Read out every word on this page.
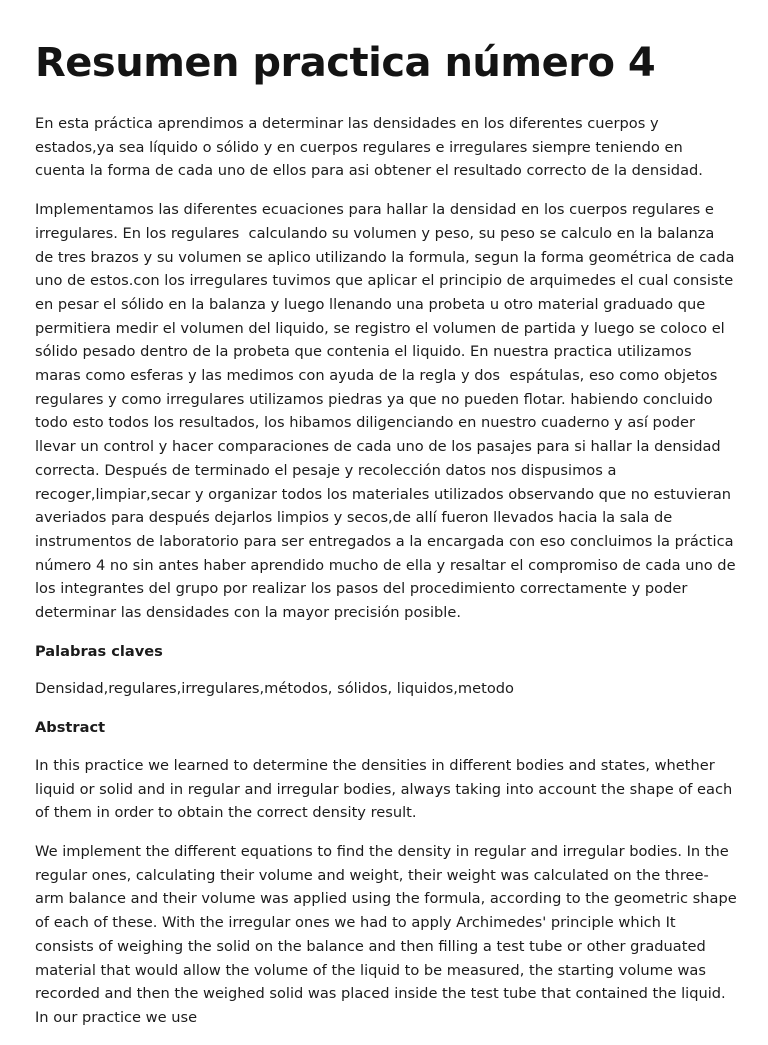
Resumen practica número 4

En esta práctica aprendimos a determinar las densidades en los diferentes cuerpos y estados,ya sea líquido o sólido y en cuerpos regulares e irregulares siempre teniendo en cuenta la forma de cada uno de ellos para asi obtener el resultado correcto de la densidad.

Implementamos las diferentes ecuaciones para hallar la densidad en los cuerpos regulares e irregulares. En los regulares  calculando su volumen y peso, su peso se calculo en la balanza de tres brazos y su volumen se aplico utilizando la formula, segun la forma geométrica de cada uno de estos.con los irregulares tuvimos que aplicar el principio de arquimedes el cual consiste en pesar el sólido en la balanza y luego llenando una probeta u otro material graduado que permitiera medir el volumen del liquido, se registro el volumen de partida y luego se coloco el sólido pesado dentro de la probeta que contenia el liquido. En nuestra practica utilizamos maras como esferas y las medimos con ayuda de la regla y dos  espátulas, eso como objetos regulares y como irregulares utilizamos piedras ya que no pueden flotar. habiendo concluido todo esto todos los resultados, los hibamos diligenciando en nuestro cuaderno y así poder llevar un control y hacer comparaciones de cada uno de los pasajes para si hallar la densidad correcta. Después de terminado el pesaje y recolección datos nos dispusimos a recoger,limpiar,secar y organizar todos los materiales utilizados observando que no estuvieran averiados para después dejarlos limpios y secos,de allí fueron llevados hacia la sala de instrumentos de laboratorio para ser entregados a la encargada con eso concluimos la práctica número 4 no sin antes haber aprendido mucho de ella y resaltar el compromiso de cada uno de los integrantes del grupo por realizar los pasos del procedimiento correctamente y poder determinar las densidades con la mayor precisión posible.

Palabras claves

Densidad,regulares,irregulares,métodos, sólidos, liquidos,metodo

Abstract

In this practice we learned to determine the densities in different bodies and states, whether liquid or solid and in regular and irregular bodies, always taking into account the shape of each of them in order to obtain the correct density result.

We implement the different equations to find the density in regular and irregular bodies. In the regular ones, calculating their volume and weight, their weight was calculated on the three-arm balance and their volume was applied using the formula, according to the geometric shape of each of these. With the irregular ones we had to apply Archimedes' principle which It consists of weighing the solid on the balance and then filling a test tube or other graduated material that would allow the volume of the liquid to be measured, the starting volume was recorded and then the weighed solid was placed inside the test tube that contained the liquid. In our practice we use
